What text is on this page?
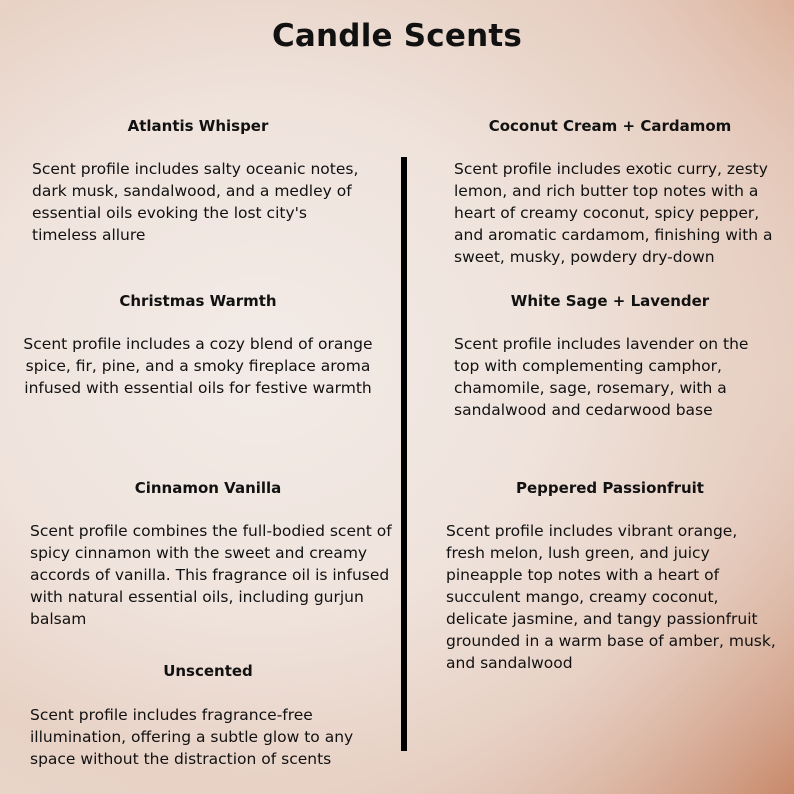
Candle Scents
Atlantis Whisper
Scent profile includes salty oceanic notes,
dark musk, sandalwood, and a medley of
essential oils evoking the lost city's
timeless allure
Coconut Cream + Cardamom
Scent profile includes exotic curry, zesty
lemon, and rich butter top notes with a
heart of creamy coconut, spicy pepper,
and aromatic cardamom, finishing with a
sweet, musky, powdery dry-down
Christmas Warmth
Scent profile includes a cozy blend of orange
spice, fir, pine, and a smoky fireplace aroma
infused with essential oils for festive warmth
White Sage + Lavender
Scent profile includes lavender on the
top with complementing camphor,
chamomile, sage, rosemary, with a
sandalwood and cedarwood base
Cinnamon Vanilla
Scent profile combines the full-bodied scent of
spicy cinnamon with the sweet and creamy
accords of vanilla. This fragrance oil is infused
with natural essential oils, including gurjun
balsam
Peppered Passionfruit
Scent profile includes vibrant orange,
fresh melon, lush green, and juicy
pineapple top notes with a heart of
succulent mango, creamy coconut,
delicate jasmine, and tangy passionfruit
grounded in a warm base of amber, musk,
and sandalwood
Unscented
Scent profile includes fragrance-free
illumination, offering a subtle glow to any
space without the distraction of scents
